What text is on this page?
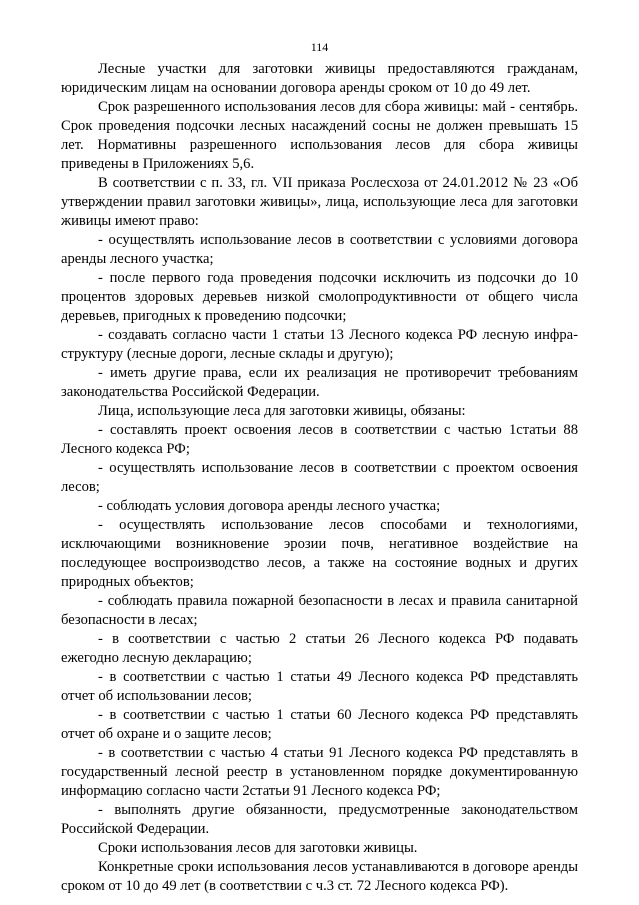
114

Лесные участки для заготовки живицы предоставляются гражданам, юридическим лицам на основании договора аренды сроком от 10 до 49 лет.

Срок разрешенного использования лесов для сбора живицы: май - сентябрь. Срок проведения подсочки лесных насаждений сосны не должен превышать 15 лет. Нормативны разрешенного использования лесов для сбора живицы приведены в Приложениях 5,6.

В соответствии с п. 33, гл. VII приказа Рослесхоза от 24.01.2012 № 23 «Об утверждении правил заготовки живицы», лица, использующие леса для заготовки живицы имеют право:

- осуществлять использование лесов в соответствии с условиями договора аренды лесного участка;

- после первого года проведения подсочки исключить из подсочки до 10 процентов здоровых деревьев низкой смолопродуктивности от общего числа деревьев, пригодных к проведению подсочки;

- создавать согласно части 1 статьи 13 Лесного кодекса РФ лесную инфраструктуру (лесные дороги, лесные склады и другую);

- иметь другие права, если их реализация не противоречит требованиям законодательства Российской Федерации.

Лица, использующие леса для заготовки живицы, обязаны:

- составлять проект освоения лесов в соответствии с частью 1статьи 88 Лесного кодекса РФ;

- осуществлять использование лесов в соответствии с проектом освоения лесов;

- соблюдать условия договора аренды лесного участка;

- осуществлять использование лесов способами и технологиями, исключающими возникновение эрозии почв, негативное воздействие на последующее воспроизводство лесов, а также на состояние водных и других природных объектов;

- соблюдать правила пожарной безопасности в лесах и правила санитарной безопасности в лесах;

- в соответствии с частью 2 статьи 26 Лесного кодекса РФ подавать ежегодно лесную декларацию;

- в соответствии с частью 1 статьи 49 Лесного кодекса РФ представлять отчет об использовании лесов;

- в соответствии с частью 1 статьи 60 Лесного кодекса РФ представлять отчет об охране и о защите лесов;

- в соответствии с частью 4 статьи 91 Лесного кодекса РФ представлять в государственный лесной реестр в установленном порядке документированную информацию согласно части 2статьи 91 Лесного кодекса РФ;

- выполнять другие обязанности, предусмотренные законодательством Российской Федерации.

Сроки использования лесов для заготовки живицы.

Конкретные сроки использования лесов устанавливаются в договоре аренды сроком от 10 до 49 лет (в соответствии с ч.3 ст. 72 Лесного кодекса РФ).
